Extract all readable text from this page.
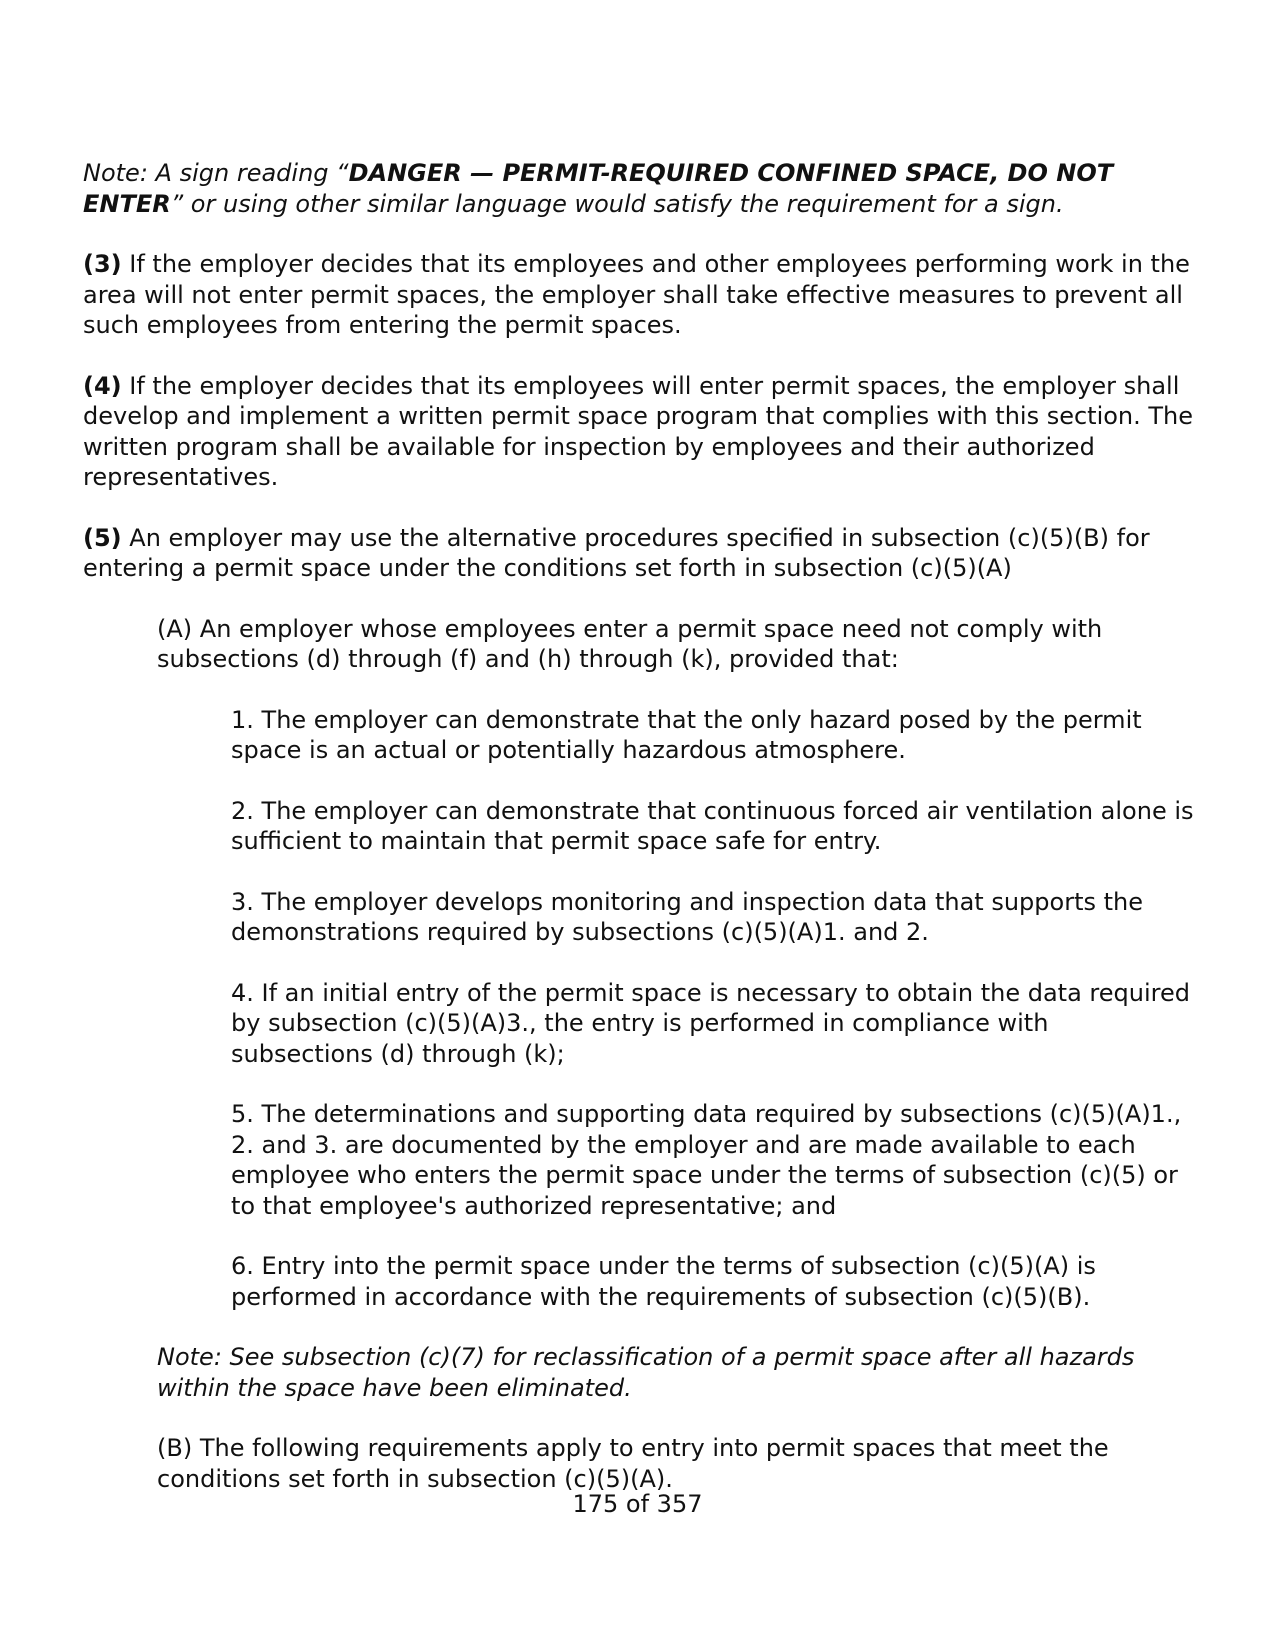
Note: A sign reading “DANGER — PERMIT-REQUIRED CONFINED SPACE, DO NOT ENTER” or using other similar language would satisfy the requirement for a sign.

(3) If the employer decides that its employees and other employees performing work in the area will not enter permit spaces, the employer shall take effective measures to prevent all such employees from entering the permit spaces.

(4) If the employer decides that its employees will enter permit spaces, the employer shall develop and implement a written permit space program that complies with this section. The written program shall be available for inspection by employees and their authorized representatives.

(5) An employer may use the alternative procedures specified in subsection (c)(5)(B) for entering a permit space under the conditions set forth in subsection (c)(5)(A)

(A) An employer whose employees enter a permit space need not comply with subsections (d) through (f) and (h) through (k), provided that:

1. The employer can demonstrate that the only hazard posed by the permit space is an actual or potentially hazardous atmosphere.

2. The employer can demonstrate that continuous forced air ventilation alone is sufficient to maintain that permit space safe for entry.

3. The employer develops monitoring and inspection data that supports the demonstrations required by subsections (c)(5)(A)1. and 2.

4. If an initial entry of the permit space is necessary to obtain the data required by subsection (c)(5)(A)3., the entry is performed in compliance with subsections (d) through (k);

5. The determinations and supporting data required by subsections (c)(5)(A)1., 2. and 3. are documented by the employer and are made available to each employee who enters the permit space under the terms of subsection (c)(5) or to that employee's authorized representative; and

6. Entry into the permit space under the terms of subsection (c)(5)(A) is performed in accordance with the requirements of subsection (c)(5)(B).

Note: See subsection (c)(7) for reclassification of a permit space after all hazards within the space have been eliminated.

(B) The following requirements apply to entry into permit spaces that meet the conditions set forth in subsection (c)(5)(A).

175 of 357
